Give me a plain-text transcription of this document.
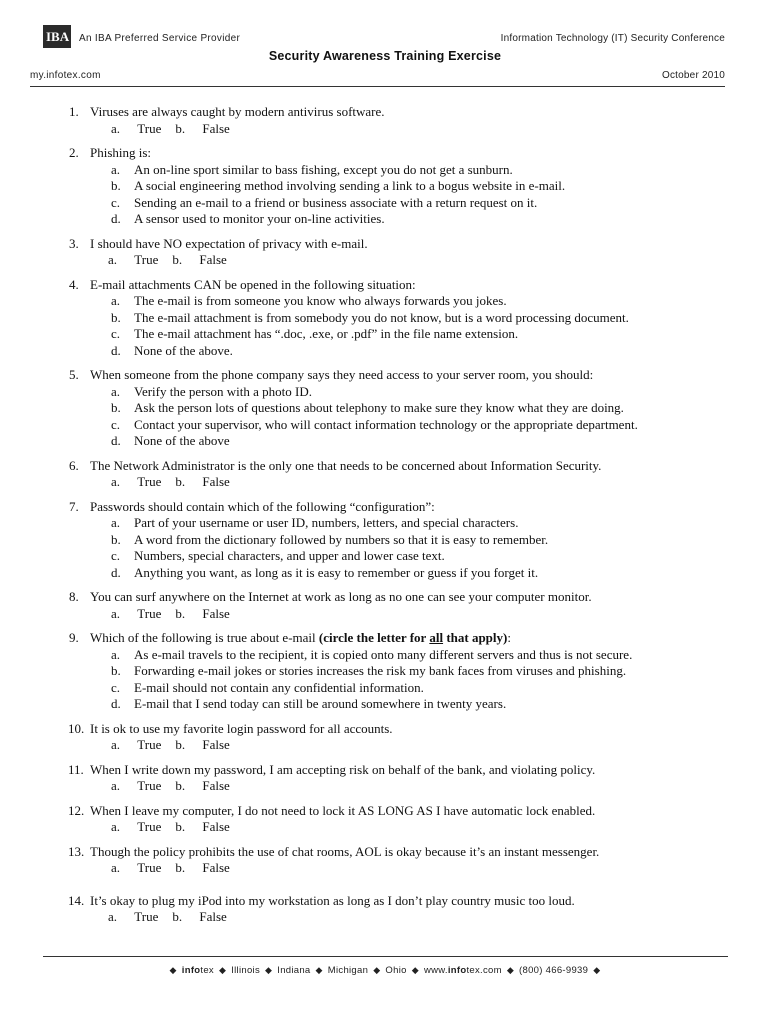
IBA An IBA Preferred Service Provider	Information Technology (IT) Security Conference
Security Awareness Training Exercise
my.infotex.com	October 2010
1. Viruses are always caught by modern antivirus software.
a. True b. False
2. Phishing is:
a. An on-line sport similar to bass fishing, except you do not get a sunburn.
b. A social engineering method involving sending a link to a bogus website in e-mail.
c. Sending an e-mail to a friend or business associate with a return request on it.
d. A sensor used to monitor your on-line activities.
3. I should have NO expectation of privacy with e-mail.
a. True b. False
4. E-mail attachments CAN be opened in the following situation:
a. The e-mail is from someone you know who always forwards you jokes.
b. The e-mail attachment is from somebody you do not know, but is a word processing document.
c. The e-mail attachment has “.doc, .exe, or .pdf” in the file name extension.
d. None of the above.
5. When someone from the phone company says they need access to your server room, you should:
a. Verify the person with a photo ID.
b. Ask the person lots of questions about telephony to make sure they know what they are doing.
c. Contact your supervisor, who will contact information technology or the appropriate department.
d. None of the above
6. The Network Administrator is the only one that needs to be concerned about Information Security.
a. True b. False
7. Passwords should contain which of the following “configuration”:
a. Part of your username or user ID, numbers, letters, and special characters.
b. A word from the dictionary followed by numbers so that it is easy to remember.
c. Numbers, special characters, and upper and lower case text.
d. Anything you want, as long as it is easy to remember or guess if you forget it.
8. You can surf anywhere on the Internet at work as long as no one can see your computer monitor.
a. True b. False
9. Which of the following is true about e-mail (circle the letter for all that apply):
a. As e-mail travels to the recipient, it is copied onto many different servers and thus is not secure.
b. Forwarding e-mail jokes or stories increases the risk my bank faces from viruses and phishing.
c. E-mail should not contain any confidential information.
d. E-mail that I send today can still be around somewhere in twenty years.
10. It is ok to use my favorite login password for all accounts.
a. True b. False
11. When I write down my password, I am accepting risk on behalf of the bank, and violating policy.
a. True b. False
12. When I leave my computer, I do not need to lock it AS LONG AS I have automatic lock enabled.
a. True b. False
13. Though the policy prohibits the use of chat rooms, AOL is okay because it’s an instant messenger.
a. True b. False
14. It’s okay to plug my iPod into my workstation as long as I don’t play country music too loud.
a. True b. False
◆ infotex ◆ Illinois ◆ Indiana ◆ Michigan ◆ Ohio ◆ www.infotex.com ◆ (800) 466-9939 ◆
